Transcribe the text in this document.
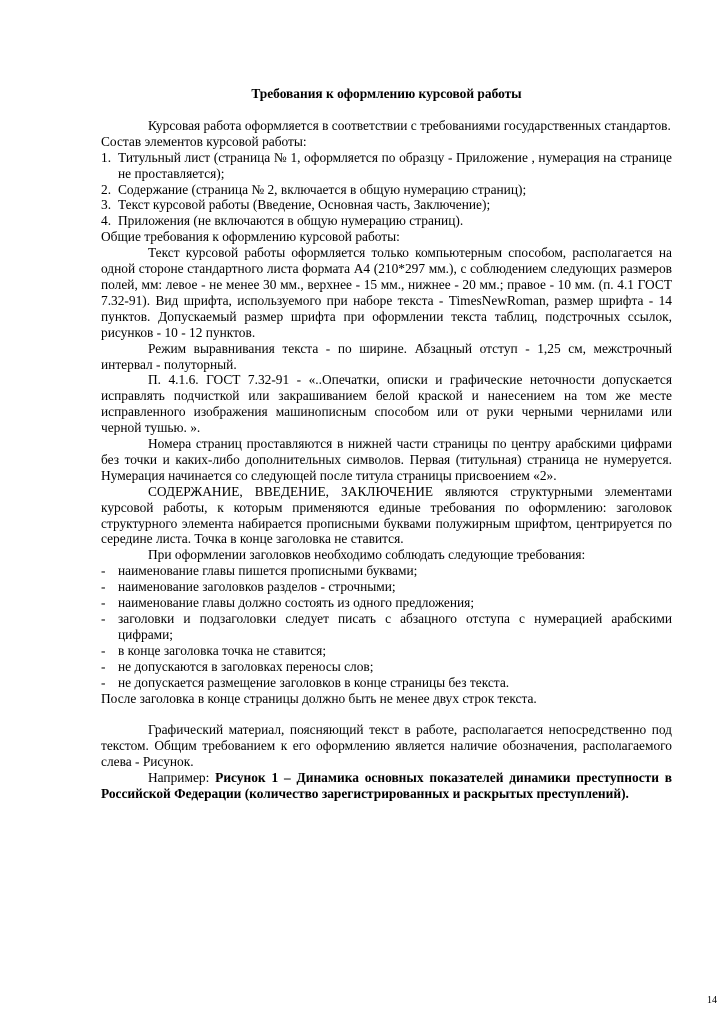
Требования к оформлению курсовой работы

Курсовая работа оформляется в соответствии с требованиями государственных стандартов.

Состав элементов курсовой работы:

1. Титульный лист (страница № 1, оформляется по образцу - Приложение , нумерация на странице не проставляется);
2. Содержание (страница № 2, включается в общую нумерацию страниц);
3. Текст курсовой работы (Введение, Основная часть, Заключение);
4. Приложения (не включаются в общую нумерацию страниц).

Общие требования к оформлению курсовой работы:

Текст курсовой работы оформляется только компьютерным способом, располагается на одной стороне стандартного листа формата А4 (210*297 мм.), с соблюдением следующих размеров полей, мм: левое - не менее 30 мм., верхнее - 15 мм., нижнее - 20 мм.; правое - 10 мм. (п. 4.1 ГОСТ 7.32-91). Вид шрифта, используемого при наборе текста - TimesNewRoman, размер шрифта - 14 пунктов. Допускаемый размер шрифта при оформлении текста таблиц, подстрочных ссылок, рисунков - 10 - 12 пунктов.

Режим выравнивания текста - по ширине. Абзацный отступ - 1,25 см, межстрочный интервал - полуторный.

П. 4.1.6. ГОСТ 7.32-91 - «..Опечатки, описки и графические неточности допускается исправлять подчисткой или закрашиванием белой краской и нанесением на том же месте исправленного изображения машинописным способом или от руки черными чернилами или черной тушью. ».

Номера страниц проставляются в нижней части страницы по центру арабскими цифрами без точки и каких-либо дополнительных символов. Первая (титульная) страница не нумеруется. Нумерация начинается со следующей после титула страницы присвоением «2».

СОДЕРЖАНИЕ, ВВЕДЕНИЕ, ЗАКЛЮЧЕНИЕ являются структурными элементами курсовой работы, к которым применяются единые требования по оформлению: заголовок структурного элемента набирается прописными буквами полужирным шрифтом, центрируется по середине листа. Точка в конце заголовка не ставится.

При оформлении заголовков необходимо соблюдать следующие требования:

- наименование главы пишется прописными буквами;
- наименование заголовков разделов - строчными;
- наименование главы должно состоять из одного предложения;
- заголовки и подзаголовки следует писать с абзацного отступа с нумерацией арабскими цифрами;
- в конце заголовка точка не ставится;
- не допускаются в заголовках переносы слов;
- не допускается размещение заголовков в конце страницы без текста.

После заголовка в конце страницы должно быть не менее двух строк текста.

Графический материал, поясняющий текст в работе, располагается непосредственно под текстом. Общим требованием к его оформлению является наличие обозначения, располагаемого слева - Рисунок.

Например: Рисунок 1 – Динамика основных показателей динамики преступности в Российской Федерации (количество зарегистрированных и раскрытых преступлений).

14
